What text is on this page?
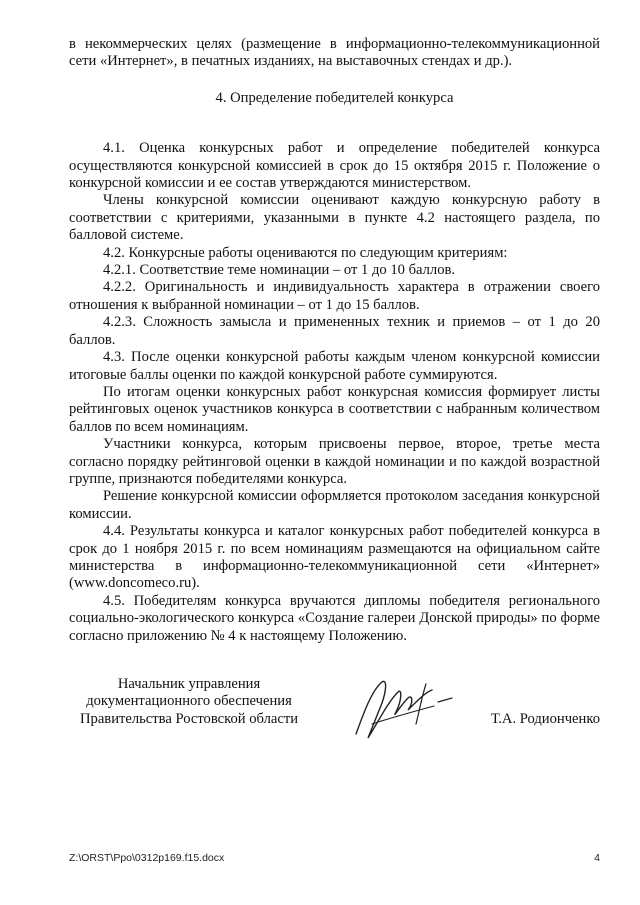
в некоммерческих целях (размещение в информационно-телекоммуникационной сети «Интернет», в печатных изданиях, на выставочных стендах и др.).

4. Определение победителей конкурса

4.1. Оценка конкурсных работ и определение победителей конкурса осуществляются конкурсной комиссией в срок до 15 октября 2015 г. Положение о конкурсной комиссии и ее состав утверждаются министерством.

Члены конкурсной комиссии оценивают каждую конкурсную работу в соответствии с критериями, указанными в пункте 4.2 настоящего раздела, по балловой системе.

4.2. Конкурсные работы оцениваются по следующим критериям:

4.2.1. Соответствие теме номинации – от 1 до 10 баллов.

4.2.2. Оригинальность и индивидуальность характера в отражении своего отношения к выбранной номинации – от 1 до 15 баллов.

4.2.3. Сложность замысла и примененных техник и приемов – от 1 до 20 баллов.

4.3. После оценки конкурсной работы каждым членом конкурсной комиссии итоговые баллы оценки по каждой конкурсной работе суммируются.

По итогам оценки конкурсных работ конкурсная комиссия формирует листы рейтинговых оценок участников конкурса в соответствии с набранным количеством баллов по всем номинациям.

Участники конкурса, которым присвоены первое, второе, третье места согласно порядку рейтинговой оценки в каждой номинации и по каждой возрастной группе, признаются победителями конкурса.

Решение конкурсной комиссии оформляется протоколом заседания конкурсной комиссии.

4.4. Результаты конкурса и каталог конкурсных работ победителей конкурса в срок до 1 ноября 2015 г. по всем номинациям размещаются на официальном сайте министерства в информационно-телекоммуникационной сети «Интернет» (www.doncomeco.ru).

4.5. Победителям конкурса вручаются дипломы победителя регионального социально-экологического конкурса «Создание галереи Донской природы» по форме согласно приложению № 4 к настоящему Положению.

Начальник управления
документационного обеспечения
Правительства Ростовской области	Т.А. Родионченко
Z:\ORST\Ppo\0312p169.f15.docx	4
